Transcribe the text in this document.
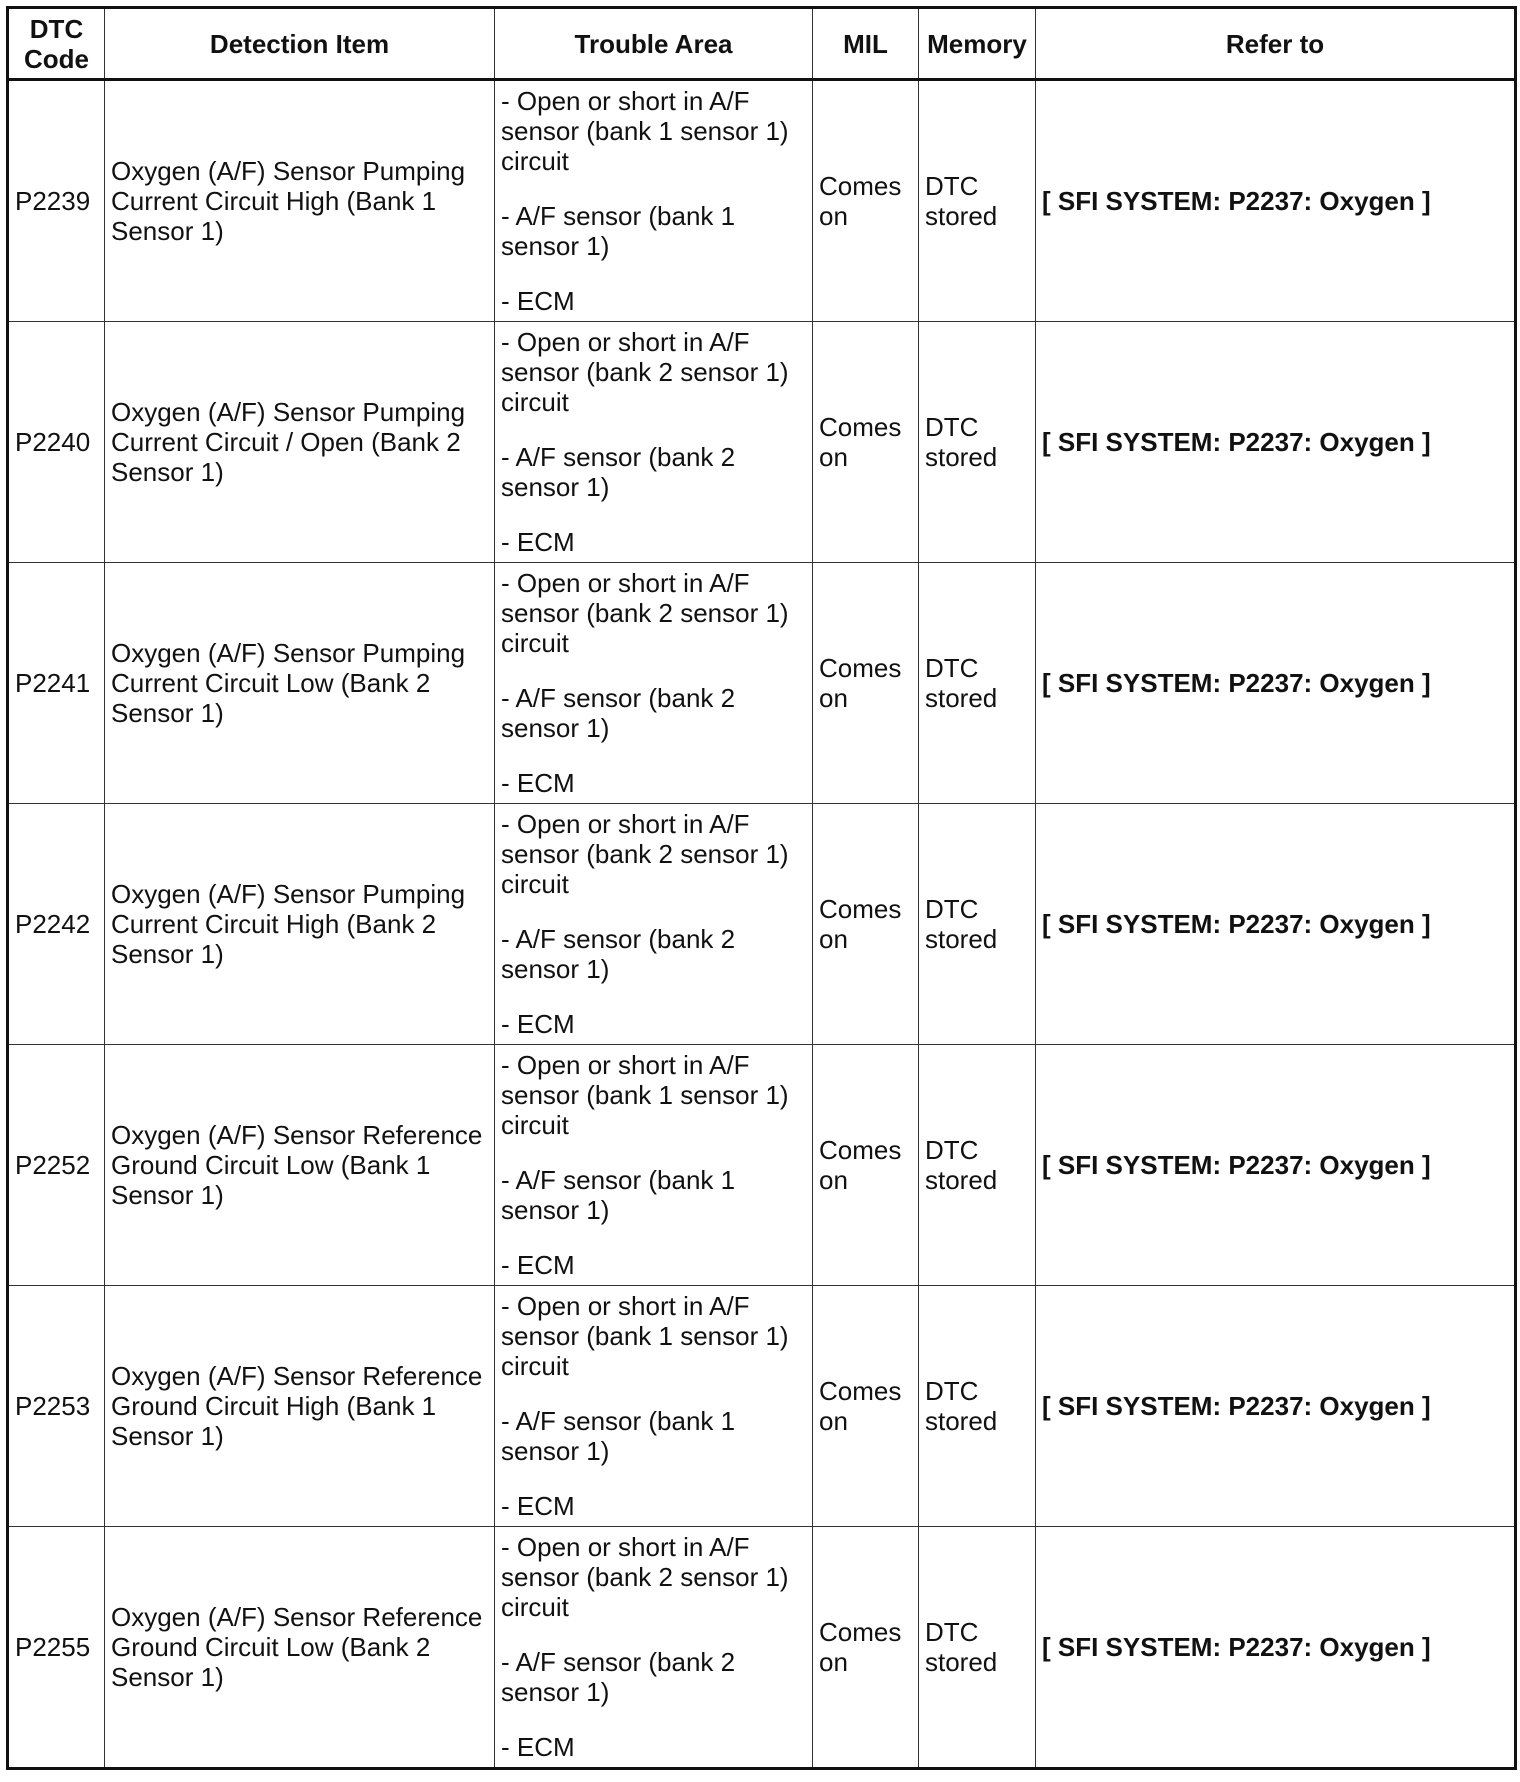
DTC
Code	Detection Item	Trouble Area	MIL	Memory	Refer to
P2239	Oxygen (A/F) Sensor Pumping Current Circuit High (Bank 1 Sensor 1)	- Open or short in A/F sensor (bank 1 sensor 1) circuit

- A/F sensor (bank 1 sensor 1)

- ECM	Comes on	DTC stored	[ SFI SYSTEM: P2237: Oxygen ]
P2240	Oxygen (A/F) Sensor Pumping Current Circuit / Open (Bank 2 Sensor 1)	- Open or short in A/F sensor (bank 2 sensor 1) circuit

- A/F sensor (bank 2 sensor 1)

- ECM	Comes on	DTC stored	[ SFI SYSTEM: P2237: Oxygen ]
P2241	Oxygen (A/F) Sensor Pumping Current Circuit Low (Bank 2 Sensor 1)	- Open or short in A/F sensor (bank 2 sensor 1) circuit

- A/F sensor (bank 2 sensor 1)

- ECM	Comes on	DTC stored	[ SFI SYSTEM: P2237: Oxygen ]
P2242	Oxygen (A/F) Sensor Pumping Current Circuit High (Bank 2 Sensor 1)	- Open or short in A/F sensor (bank 2 sensor 1) circuit

- A/F sensor (bank 2 sensor 1)

- ECM	Comes on	DTC stored	[ SFI SYSTEM: P2237: Oxygen ]
P2252	Oxygen (A/F) Sensor Reference Ground Circuit Low (Bank 1 Sensor 1)	- Open or short in A/F sensor (bank 1 sensor 1) circuit

- A/F sensor (bank 1 sensor 1)

- ECM	Comes on	DTC stored	[ SFI SYSTEM: P2237: Oxygen ]
P2253	Oxygen (A/F) Sensor Reference Ground Circuit High (Bank 1 Sensor 1)	- Open or short in A/F sensor (bank 1 sensor 1) circuit

- A/F sensor (bank 1 sensor 1)

- ECM	Comes on	DTC stored	[ SFI SYSTEM: P2237: Oxygen ]
P2255	Oxygen (A/F) Sensor Reference Ground Circuit Low (Bank 2 Sensor 1)	- Open or short in A/F sensor (bank 2 sensor 1) circuit

- A/F sensor (bank 2 sensor 1)

- ECM	Comes on	DTC stored	[ SFI SYSTEM: P2237: Oxygen ]
